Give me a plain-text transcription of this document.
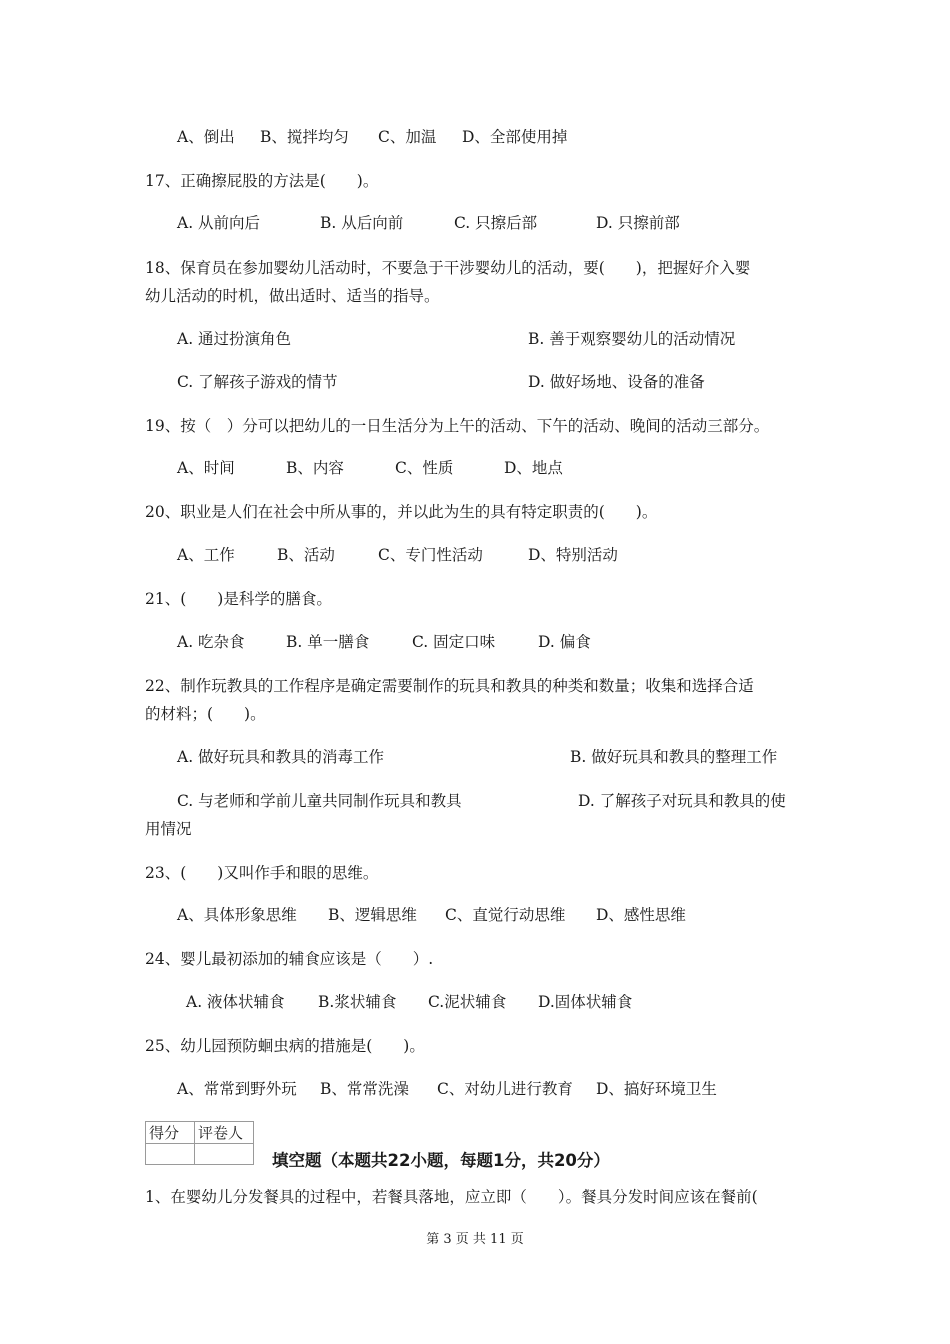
A、倒出 B、搅拌均匀 C、加温 D、全部使用掉
17、正确擦屁股的方法是(　　)。
A. 从前向后	B. 从后向前	C. 只擦后部	D. 只擦前部
18、保育员在参加婴幼儿活动时，不要急于干涉婴幼儿的活动，要(　　)，把握好介入婴
幼儿活动的时机，做出适时、适当的指导。
A. 通过扮演角色	B. 善于观察婴幼儿的活动情况
C. 了解孩子游戏的情节	D. 做好场地、设备的准备
19、按（　）分可以把幼儿的一日生活分为上午的活动、下午的活动、晚间的活动三部分。
A、时间	B、内容	C、性质	D、地点
20、职业是人们在社会中所从事的，并以此为生的具有特定职责的(　　)。
A、工作	B、活动	C、专门性活动	D、特别活动
21、(　　)是科学的膳食。
A. 吃杂食	B. 单一膳食	C. 固定口味	D. 偏食
22、制作玩教具的工作程序是确定需要制作的玩具和教具的种类和数量；收集和选择合适
的材料；(　　)。
A. 做好玩具和教具的消毒工作	B. 做好玩具和教具的整理工作
C. 与老师和学前儿童共同制作玩具和教具	D. 了解孩子对玩具和教具的使
用情况
23、(　　)又叫作手和眼的思维。
A、具体形象思维 B、逻辑思维 C、直觉行动思维 D、感性思维
24、婴儿最初添加的辅食应该是（　　）.
A. 液体状辅食 B.浆状辅食 C.泥状辅食 D.固体状辅食
25、幼儿园预防蛔虫病的措施是(　　)。
A、常常到野外玩 B、常常洗澡 C、对幼儿进行教育 D、搞好环境卫生
得分	评卷人

填空题（本题共22小题，每题1分，共20分）
1、在婴幼儿分发餐具的过程中，若餐具落地，应立即（　　）。餐具分发时间应该在餐前(
第 3 页 共 11 页
